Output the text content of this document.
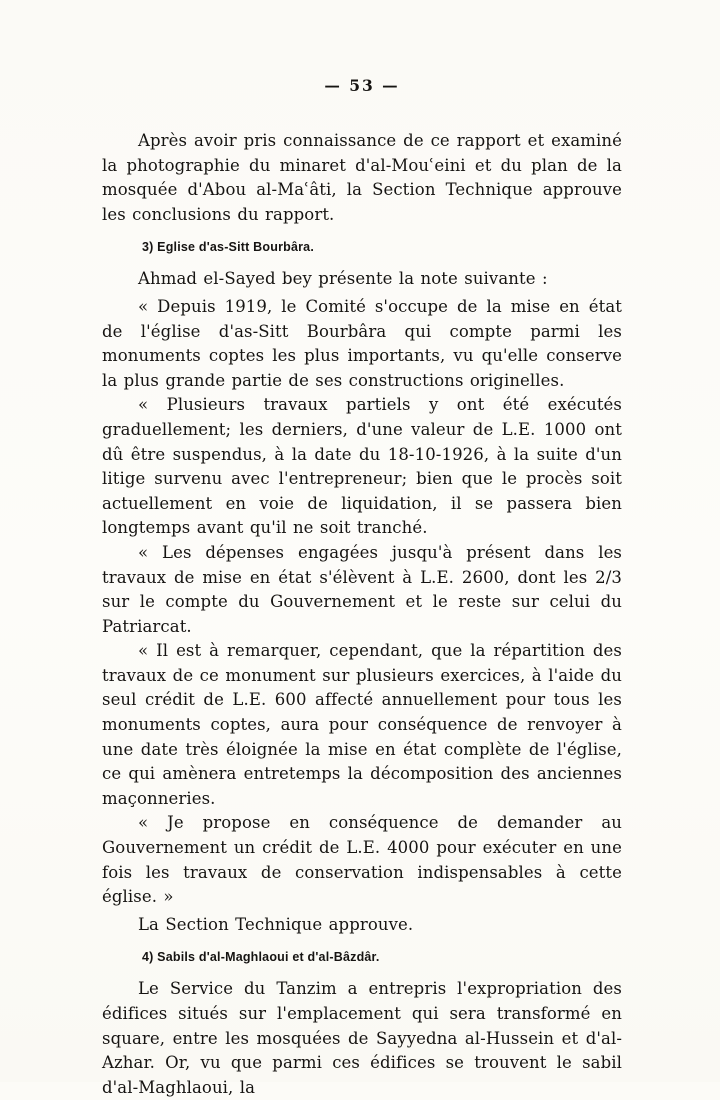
— 53 —

Après avoir pris connaissance de ce rapport et examiné la photographie du minaret d'al-Mouʿeini et du plan de la mosquée d'Abou al-Maʿâti, la Section Technique approuve les conclusions du rapport.

3) Eglise d'as-Sitt Bourbâra.

Ahmad el-Sayed bey présente la note suivante :

« Depuis 1919, le Comité s'occupe de la mise en état de l'église d'as-Sitt Bourbâra qui compte parmi les monuments coptes les plus importants, vu qu'elle conserve la plus grande partie de ses constructions originelles.

« Plusieurs travaux partiels y ont été exécutés graduellement; les derniers, d'une valeur de L.E. 1000 ont dû être suspendus, à la date du 18-10-1926, à la suite d'un litige survenu avec l'entrepreneur; bien que le procès soit actuellement en voie de liquidation, il se passera bien longtemps avant qu'il ne soit tranché.

« Les dépenses engagées jusqu'à présent dans les travaux de mise en état s'élèvent à L.E. 2600, dont les 2/3 sur le compte du Gouvernement et le reste sur celui du Patriarcat.

« Il est à remarquer, cependant, que la répartition des travaux de ce monument sur plusieurs exercices, à l'aide du seul crédit de L.E. 600 affecté annuellement pour tous les monuments coptes, aura pour conséquence de renvoyer à une date très éloignée la mise en état complète de l'église, ce qui amènera entretemps la décomposition des anciennes maçonneries.

« Je propose en conséquence de demander au Gouvernement un crédit de L.E. 4000 pour exécuter en une fois les travaux de conservation indispensables à cette église. »

La Section Technique approuve.

4) Sabils d'al-Maghlaoui et d'al-Bâzdâr.

Le Service du Tanzim a entrepris l'expropriation des édifices situés sur l'emplacement qui sera transformé en square, entre les mosquées de Sayyedna al-Hussein et d'al-Azhar. Or, vu que parmi ces édifices se trouvent le sabil d'al-Maghlaoui, la
